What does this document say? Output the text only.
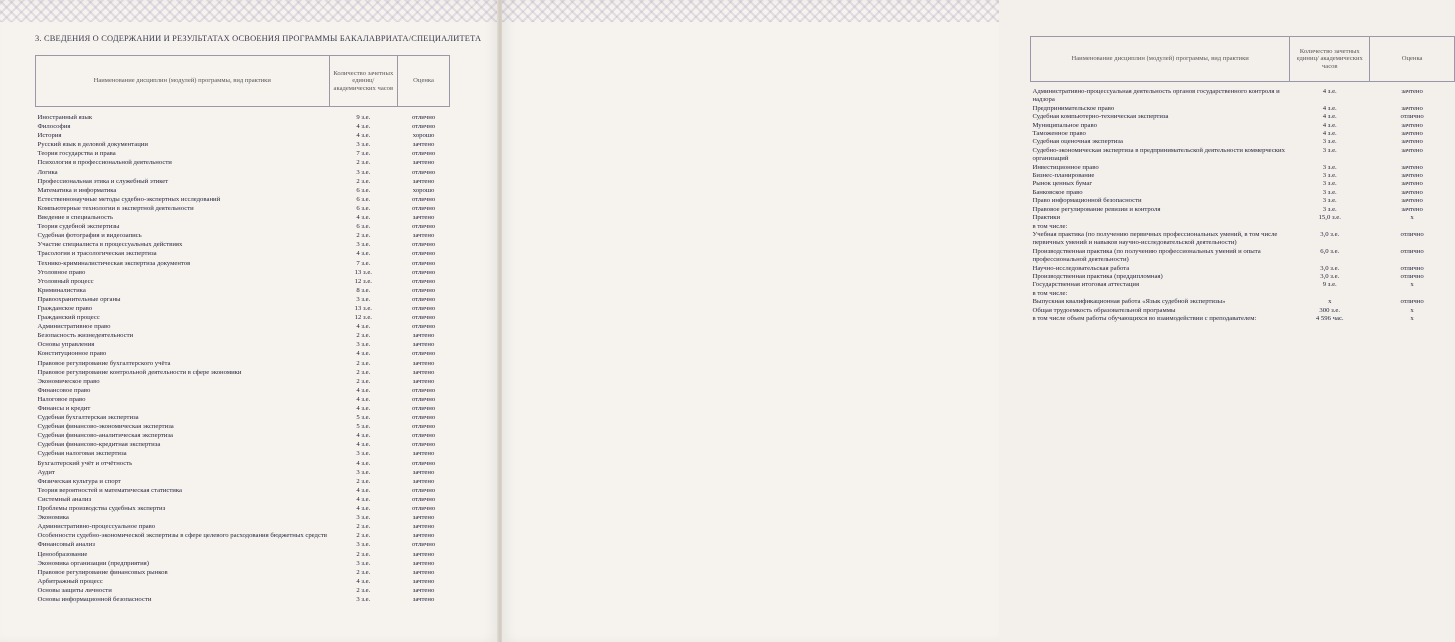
3. СВЕДЕНИЯ О СОДЕРЖАНИИ И РЕЗУЛЬТАТАХ ОСВОЕНИЯ ПРОГРАММЫ БАКАЛАВРИАТА/СПЕЦИАЛИТЕТА
Наименование дисциплин (модулей) программы, вид практики	Количество зачетных единиц/ академических часов	Оценка

Иностранный язык	9 з.е.	отлично
Философия	4 з.е.	отлично
История	4 з.е.	хорошо
Русский язык в деловой документации	3 з.е.	зачтено
Теория государства и права	7 з.е.	отлично
Психология в профессиональной деятельности	2 з.е.	зачтено
Логика	3 з.е.	отлично
Профессиональная этика и служебный этикет	2 з.е.	зачтено
Математика и информатика	6 з.е.	хорошо
Естественнонаучные методы судебно-экспертных исследований	6 з.е.	отлично
Компьютерные технологии в экспертной деятельности	6 з.е.	отлично
Введение в специальность	4 з.е.	зачтено
Теория судебной экспертизы	6 з.е.	отлично
Судебная фотография и видеозапись	2 з.е.	зачтено
Участие специалиста в процессуальных действиях	3 з.е.	отлично
Трасология и трасологическая экспертиза	4 з.е.	отлично
Технико-криминалистическая экспертиза документов	7 з.е.	отлично
Уголовное право	13 з.е.	отлично
Уголовный процесс	12 з.е.	отлично
Криминалистика	8 з.е.	отлично
Правоохранительные органы	3 з.е.	отлично
Гражданское право	13 з.е.	отлично
Гражданский процесс	12 з.е.	отлично
Административное право	4 з.е.	отлично
Безопасность жизнедеятельности	2 з.е.	зачтено
Основы управления	3 з.е.	зачтено
Конституционное право	4 з.е.	отлично
Правовое регулирование бухгалтерского учёта	2 з.е.	зачтено
Правовое регулирование контрольной деятельности в сфере экономики	2 з.е.	зачтено
Экономическое право	2 з.е.	зачтено
Финансовое право	4 з.е.	отлично
Налоговое право	4 з.е.	отлично
Финансы и кредит	4 з.е.	отлично
Судебная бухгалтерская экспертиза	5 з.е.	отлично
Судебная финансово-экономическая экспертиза	5 з.е.	отлично
Судебная финансово-аналитическая экспертиза	4 з.е.	отлично
Судебная финансово-кредитная экспертиза	4 з.е.	отлично
Судебная налоговая экспертиза	3 з.е.	зачтено
Бухгалтерский учёт и отчётность	4 з.е.	отлично
Аудит	3 з.е.	зачтено
Физическая культура и спорт	2 з.е.	зачтено
Теория вероятностей и математическая статистика	4 з.е.	отлично
Системный анализ	4 з.е.	отлично
Проблемы производства судебных экспертиз	4 з.е.	отлично
Экономика	3 з.е.	зачтено
Административно-процессуальное право	2 з.е.	зачтено
Особенности судебно-экономической экспертизы в сфере целевого расходования бюджетных средств	2 з.е.	зачтено
Финансовый анализ	3 з.е.	отлично
Ценообразование	2 з.е.	зачтено
Экономика организации (предприятия)	3 з.е.	зачтено
Правовое регулирование финансовых рынков	2 з.е.	зачтено
Арбитражный процесс	4 з.е.	зачтено
Основы защиты личности	2 з.е.	зачтено
Основы информационной безопасности	3 з.е.	зачтено
Наименование дисциплин (модулей) программы, вид практики	Количество зачетных единиц/ академических часов	Оценка

Административно-процессуальная деятельность органов государственного контроля и надзора	4 з.е.	зачтено
Предпринимательское право	4 з.е.	зачтено
Судебная компьютерно-техническая экспертиза	4 з.е.	отлично
Муниципальное право	4 з.е.	зачтено
Таможенное право	4 з.е.	зачтено
Судебная оценочная экспертиза	3 з.е.	зачтено
Судебно-экономическая экспертиза в предпринимательской деятельности коммерческих организаций	3 з.е.	зачтено
Инвестиционное право	3 з.е.	зачтено
Бизнес-планирование	3 з.е.	зачтено
Рынок ценных бумаг	3 з.е.	зачтено
Банковское право	3 з.е.	зачтено
Право информационной безопасности	3 з.е.	зачтено
Правовое регулирование ревизии и контроля	3 з.е.	зачтено
Практики	15,0 з.е.	х
в том числе:		
Учебная практика (по получению первичных профессиональных умений, в том числе первичных умений и навыков научно-исследовательской деятельности)	3,0 з.е.	отлично
Производственная практика (по получению профессиональных умений и опыта профессиональной деятельности)	6,0 з.е.	отлично
Научно-исследовательская работа	3,0 з.е.	отлично
Производственная практика (преддипломная)	3,0 з.е.	отлично
Государственная итоговая аттестация	9 з.е.	х
в том числе:		
Выпускная квалификационная работа «Язык судебной экспертизы»	х	отлично
Общая трудоемкость образовательной программы	300 з.е.	х
в том числе объем работы обучающихся во взаимодействии с преподавателем:	4 596 час.	х
